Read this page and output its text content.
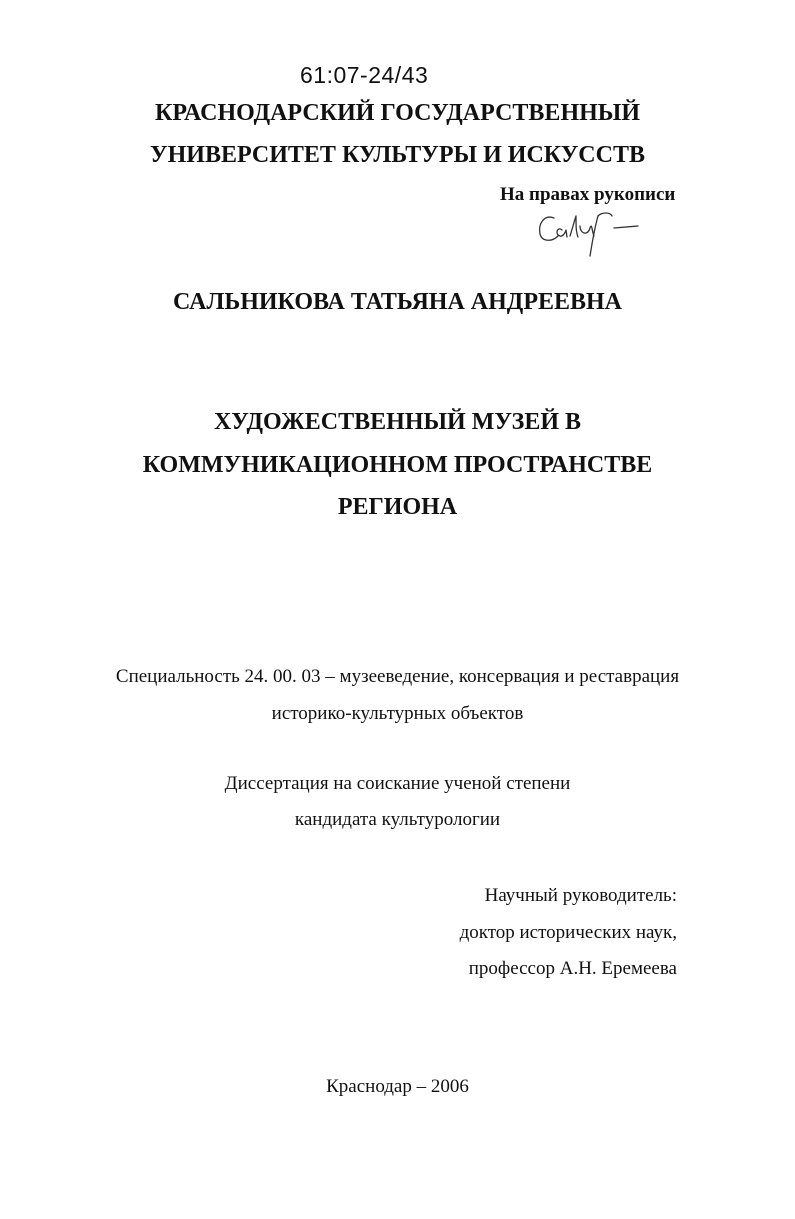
61:07-24/43
КРАСНОДАРСКИЙ ГОСУДАРСТВЕННЫЙ
УНИВЕРСИТЕТ КУЛЬТУРЫ И ИСКУССТВ
На правах рукописи
САЛЬНИКОВА ТАТЬЯНА АНДРЕЕВНА
ХУДОЖЕСТВЕННЫЙ МУЗЕЙ В
КОММУНИКАЦИОННОМ ПРОСТРАНСТВЕ
РЕГИОНА
Специальность 24. 00. 03 – музееведение, консервация и реставрация
историко-культурных объектов
Диссертация на соискание ученой степени
кандидата культурологии
Научный руководитель:
доктор исторических наук,
профессор А.Н. Еремеева
Краснодар – 2006
